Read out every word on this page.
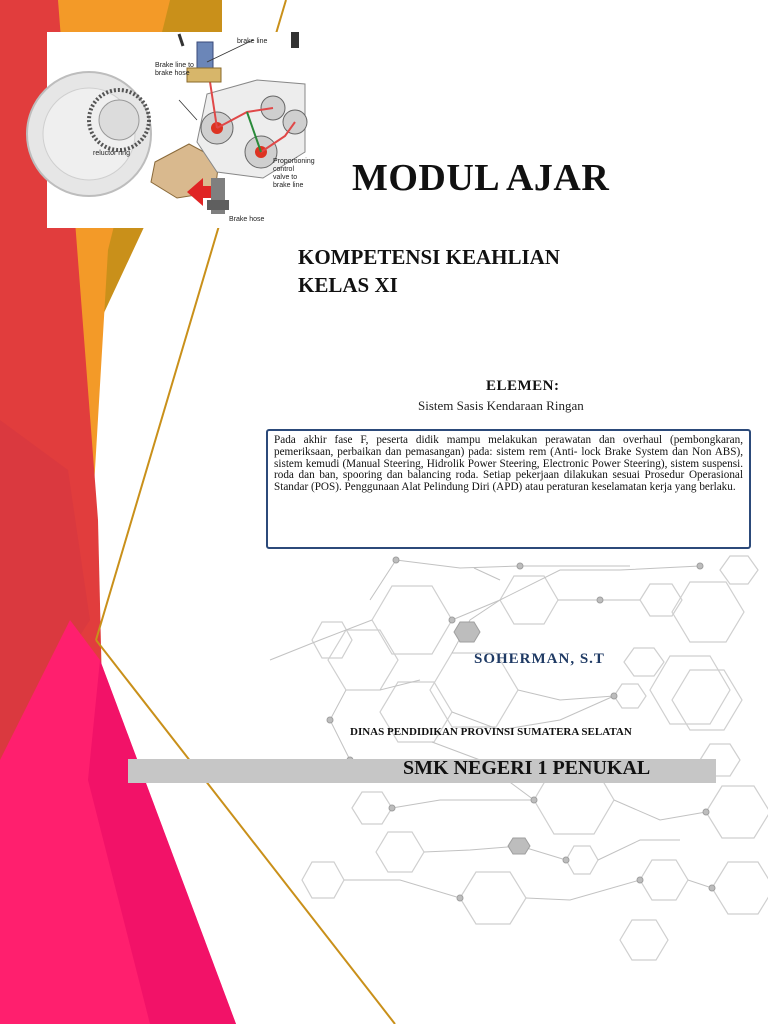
brake line
Brake line to brake hose
reluctor ring
Proportioning control valve to brake line
Brake hose
MODUL AJAR
KOMPETENSI KEAHLIAN
KELAS XI
ELEMEN:
Sistem Sasis Kendaraan Ringan
Pada akhir fase F, peserta didik mampu melakukan perawatan dan overhaul (pembongkaran, pemeriksaan, perbaikan dan pemasangan) pada: sistem rem (Anti- lock Brake System dan Non ABS), sistem kemudi (Manual Steering, Hidrolik Power Steering, Electronic Power Steering), sistem suspensi. roda dan ban, spooring dan balancing roda. Setiap pekerjaan dilakukan sesuai Prosedur Operasional Standar (POS). Penggunaan Alat Pelindung Diri (APD) atau peraturan keselamatan kerja yang berlaku.
SOHERMAN, S.T
DINAS PENDIDIKAN PROVINSI SUMATERA SELATAN
SMK NEGERI 1 PENUKAL
